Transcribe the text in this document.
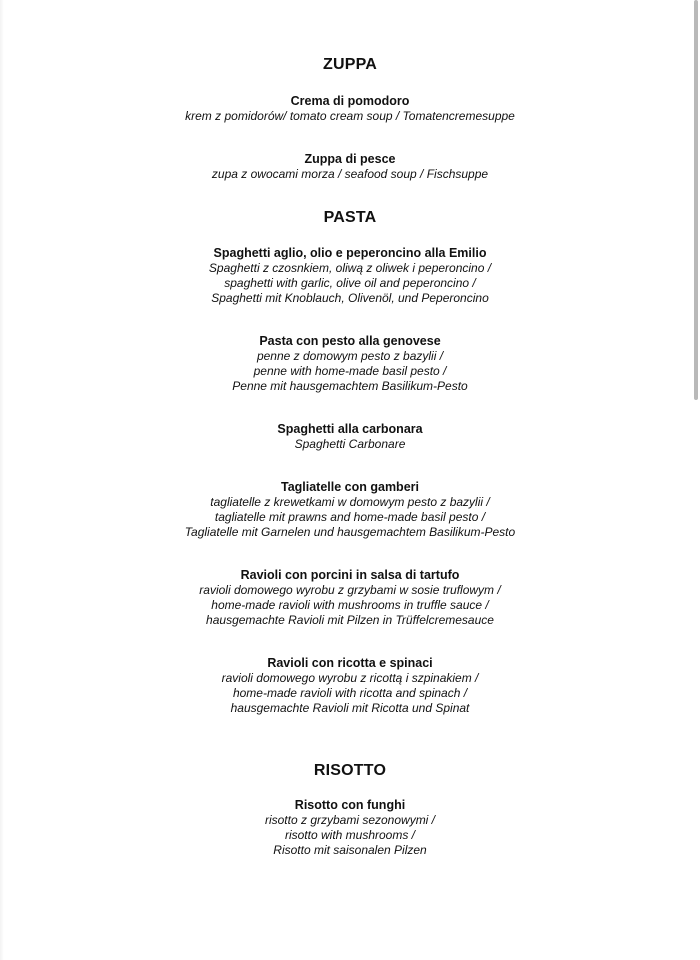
ZUPPA
Crema di pomodoro
krem z pomidorów/ tomato cream soup / Tomatencremesuppe
Zuppa di pesce
zupa z owocami morza / seafood soup / Fischsuppe
PASTA
Spaghetti aglio, olio e peperoncino alla Emilio
Spaghetti z czosnkiem, oliwą z oliwek i peperoncino /
spaghetti with garlic, olive oil and peperoncino /
Spaghetti mit Knoblauch, Olivenöl, und Peperoncino
Pasta con pesto alla genovese
penne z domowym pesto z bazylii /
penne with home-made basil pesto /
Penne mit hausgemachtem Basilikum-Pesto
Spaghetti alla carbonara
Spaghetti Carbonare
Tagliatelle con gamberi
tagliatelle z krewetkami w domowym pesto z bazylii /
tagliatelle mit prawns and home-made basil pesto /
Tagliatelle mit Garnelen und hausgemachtem Basilikum-Pesto
Ravioli con porcini in salsa di tartufo
ravioli domowego wyrobu z grzybami w sosie truflowym /
home-made ravioli with mushrooms in truffle sauce /
hausgemachte Ravioli mit Pilzen in Trüffelcremesauce
Ravioli con ricotta e spinaci
ravioli domowego wyrobu z ricottą i szpinakiem /
home-made ravioli with ricotta and spinach /
hausgemachte Ravioli mit Ricotta und Spinat
RISOTTO
Risotto con funghi
risotto z grzybami sezonowymi /
risotto with mushrooms /
Risotto mit saisonalen Pilzen
